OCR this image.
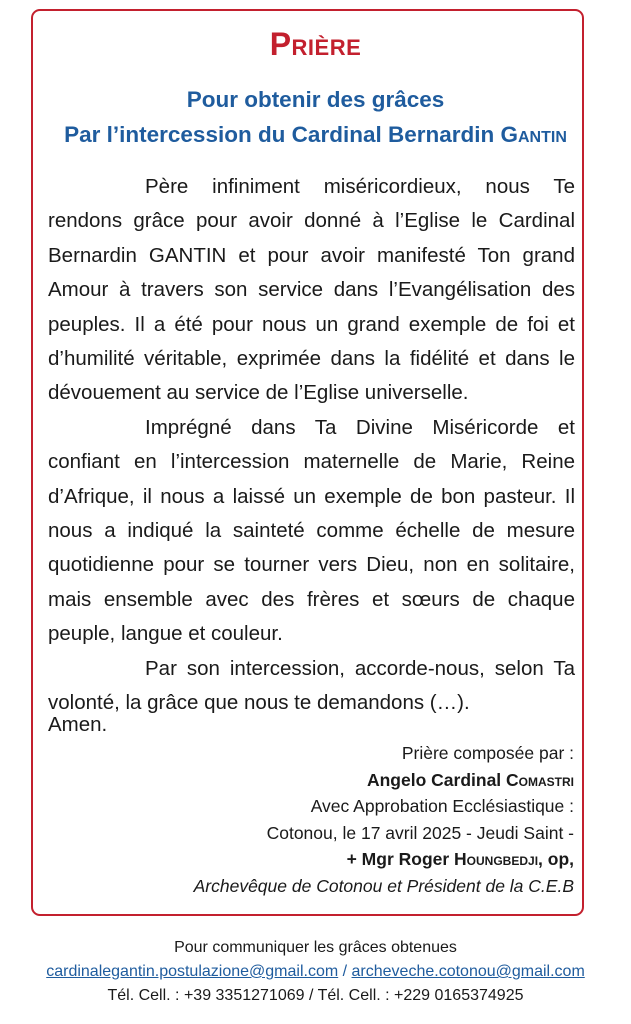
Prière
Pour obtenir des grâces
Par l’intercession du Cardinal Bernardin Gantin

Père infiniment miséricordieux, nous Te rendons grâce pour avoir donné à l’Eglise le Cardinal Bernardin GANTIN et pour avoir manifesté Ton grand Amour à travers son service dans l’Evangélisation des peuples. Il a été pour nous un grand exemple de foi et d’humilité véritable, exprimée dans la fidélité et dans le dévouement au service de l’Eglise universelle.

Imprégné dans Ta Divine Miséricorde et confiant en l’intercession maternelle de Marie, Reine d’Afrique, il nous a laissé un exemple de bon pasteur. Il nous a indiqué la sainteté comme échelle de mesure quotidienne pour se tourner vers Dieu, non en solitaire, mais ensemble avec des frères et sœurs de chaque peuple, langue et couleur.

Par son intercession, accorde-nous, selon Ta volonté, la grâce que nous te demandons (…).

Amen.
Prière composée par :
Angelo Cardinal Comastri
Avec Approbation Ecclésiastique :
Cotonou, le 17 avril 2025 - Jeudi Saint -
+ Mgr Roger Houngbedji, op,
Archevêque de Cotonou et Président de la C.E.B
Pour communiquer les grâces obtenues
cardinalegantin.postulazione@gmail.com / archeveche.cotonou@gmail.com
Tél. Cell. : +39 3351271069 / Tél. Cell. : +229 0165374925
